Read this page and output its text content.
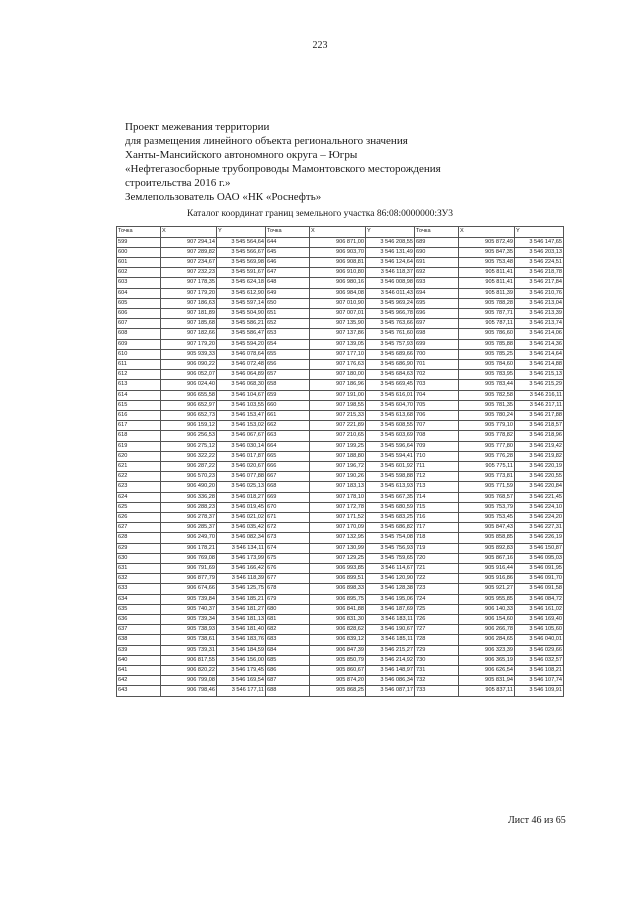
223
Проект межевания территории
для размещения линейного объекта регионального значения
Ханты-Мансийского автономного округа – Югры
«Нефтегазосборные трубопроводы Мамонтовского месторождения
строительства 2016 г.»
Землепользователь ОАО «НК «Роснефть»
Каталог координат границ земельного участка 86:08:0000000:ЗУ3
Точка	X	Y	Точка	X	Y	Точка	X	Y
599	907 294,14	3 545 564,64	644	906 871,00	3 546 208,55	689	905 872,49	3 546 147,65
600	907 289,82	3 545 566,67	645	906 903,70	3 546 131,49	690	905 847,35	3 546 203,13
601	907 234,67	3 545 569,98	646	906 908,81	3 546 124,64	691	905 753,48	3 546 224,51
602	907 232,23	3 545 591,67	647	906 910,80	3 546 118,37	692	905 811,41	3 546 218,78
603	907 178,35	3 545 624,18	648	906 980,16	3 546 008,98	693	905 811,41	3 546 217,84
604	907 179,20	3 545 612,90	649	906 984,08	3 546 011,43	694	905 811,39	3 546 210,76
605	907 186,63	3 545 597,14	650	907 010,90	3 545 969,24	695	905 788,28	3 546 213,04
606	907 181,89	3 545 504,90	651	907 007,01	3 545 966,78	696	905 787,71	3 546 213,39
607	907 185,68	3 545 586,21	652	907 135,90	3 545 763,66	697	905 787,11	3 546 213,74
608	907 182,66	3 545 586,47	653	907 137,86	3 545 761,60	698	905 786,60	3 546 214,06
609	907 179,20	3 545 594,20	654	907 139,05	3 545 757,93	699	905 785,88	3 546 214,36
610	905 939,33	3 546 078,64	655	907 177,10	3 545 689,66	700	905 785,25	3 546 214,64
611	906 090,22	3 546 072,48	656	907 176,63	3 545 686,90	701	905 784,60	3 546 214,88
612	906 052,07	3 546 064,89	657	907 180,00	3 545 684,63	702	905 783,95	3 546 215,13
613	906 024,40	3 546 068,30	658	907 186,96	3 545 669,45	703	905 783,44	3 546 215,29
614	906 655,58	3 546 104,67	659	907 191,00	3 545 616,01	704	905 782,58	3 546 216,11
615	906 652,97	3 546 103,55	660	907 198,55	3 545 604,70	705	905 781,35	3 546 217,11
616	906 652,73	3 546 153,47	661	907 215,33	3 545 613,68	706	905 780,24	3 546 217,88
617	906 159,12	3 546 153,02	662	907 221,89	3 545 608,55	707	905 779,10	3 546 218,57
618	906 256,53	3 546 067,67	663	907 210,65	3 545 603,69	708	905 778,82	3 546 218,96
619	906 275,12	3 546 030,14	664	907 199,25	3 545 596,64	709	905 777,80	3 546 219,42
620	906 322,22	3 546 017,87	665	907 188,80	3 545 594,41	710	905 776,28	3 546 219,82
621	906 287,22	3 546 020,67	666	907 196,72	3 545 601,92	711	905 775,11	3 546 220,19
622	906 570,23	3 546 077,88	667	907 190,26	3 545 598,88	712	905 773,81	3 546 220,55
623	906 490,20	3 546 025,13	668	907 183,13	3 545 613,93	713	905 771,59	3 546 220,84
624	906 336,28	3 546 018,27	669	907 178,10	3 545 667,35	714	905 768,57	3 546 221,45
625	906 288,23	3 546 019,45	670	907 172,78	3 545 680,59	715	905 753,79	3 546 224,10
626	906 278,37	3 546 021,02	671	907 171,52	3 545 683,25	716	905 753,45	3 546 224,20
627	906 285,37	3 546 035,42	672	907 170,09	3 545 686,82	717	905 847,43	3 546 227,31
628	906 249,70	3 546 082,34	673	907 132,95	3 545 754,08	718	905 858,85	3 546 226,19
629	906 178,21	3 546 134,11	674	907 130,99	3 545 756,93	719	905 892,83	3 546 150,87
630	906 769,08	3 546 173,99	675	907 129,25	3 545 759,65	720	905 867,16	3 546 095,03
631	906 791,69	3 546 166,42	676	906 993,85	3 546 114,67	721	905 916,44	3 546 091,95
632	906 877,79	3 546 118,39	677	906 899,51	3 546 120,90	722	905 916,86	3 546 091,70
633	906 674,66	3 546 125,75	678	906 898,33	3 546 128,38	723	905 921,27	3 546 091,58
634	905 739,84	3 546 185,21	679	906 895,75	3 546 195,06	724	905 955,85	3 546 084,72
635	905 740,37	3 546 181,27	680	906 841,88	3 546 187,69	725	906 140,33	3 546 161,02
636	905 739,34	3 546 181,13	681	906 831,30	3 546 183,11	726	906 154,60	3 546 169,40
637	905 738,93	3 546 181,40	682	906 828,62	3 546 190,67	727	906 266,78	3 546 105,60
638	905 738,61	3 546 183,76	683	906 839,12	3 546 185,11	728	906 284,65	3 546 040,01
639	905 739,31	3 546 184,59	684	906 847,39	3 546 215,27	729	906 323,39	3 546 029,66
640	906 817,55	3 546 156,00	685	905 850,79	3 546 214,92	730	906 365,19	3 546 032,57
641	906 820,22	3 546 179,45	686	905 860,67	3 546 148,97	731	906 626,54	3 546 108,21
642	906 799,08	3 546 169,54	687	905 874,20	3 546 086,34	732	905 831,94	3 546 107,74
643	906 798,46	3 546 177,11	688	905 868,25	3 546 087,17	733	905 837,11	3 546 109,91
Лист 46 из 65
